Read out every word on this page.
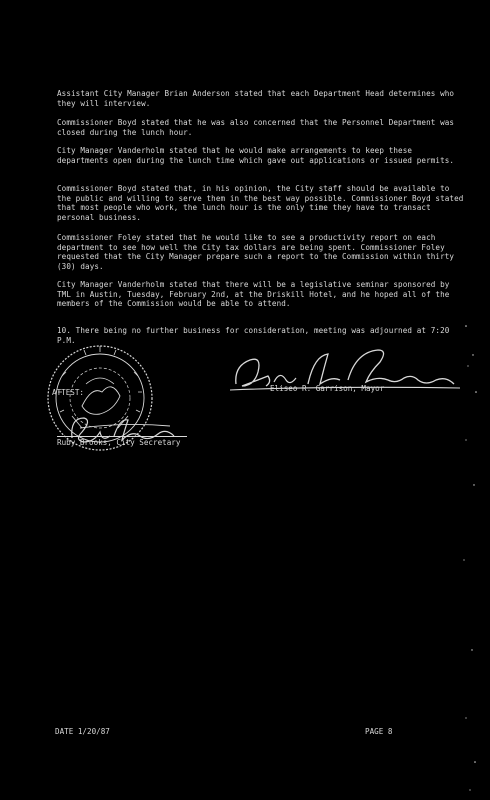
Assistant City Manager Brian Anderson stated that each Department Head determines who they will interview.

Commissioner Boyd stated that he was also concerned that the Personnel Department was closed during the lunch hour.

City Manager Vanderholm stated that he would make arrangements to keep these departments open during the lunch time which gave out applications or issued permits.

Commissioner Boyd stated that, in his opinion, the City staff should be available to the public and willing to serve them in the best way possible. Commissioner Boyd stated that most people who work, the lunch hour is the only time they have to transact personal business.

Commissioner Foley stated that he would like to see a productivity report on each department to see how well the City tax dollars are being spent. Commissioner Foley requested that the City Manager prepare such a report to the Commission within thirty (30) days.

City Manager Vanderholm stated that there will be a legislative seminar sponsored by TML in Austin, Tuesday, February 2nd, at the Driskill Hotel, and he hoped all of the members of the Commission would be able to attend.

10. There being no further business for consideration, meeting was adjourned at 7:20 P.M.

Eliseo R. Garrison, Mayor
ATTEST:
Ruby Brooks, City Secretary
DATE 1/20/87	PAGE 8
